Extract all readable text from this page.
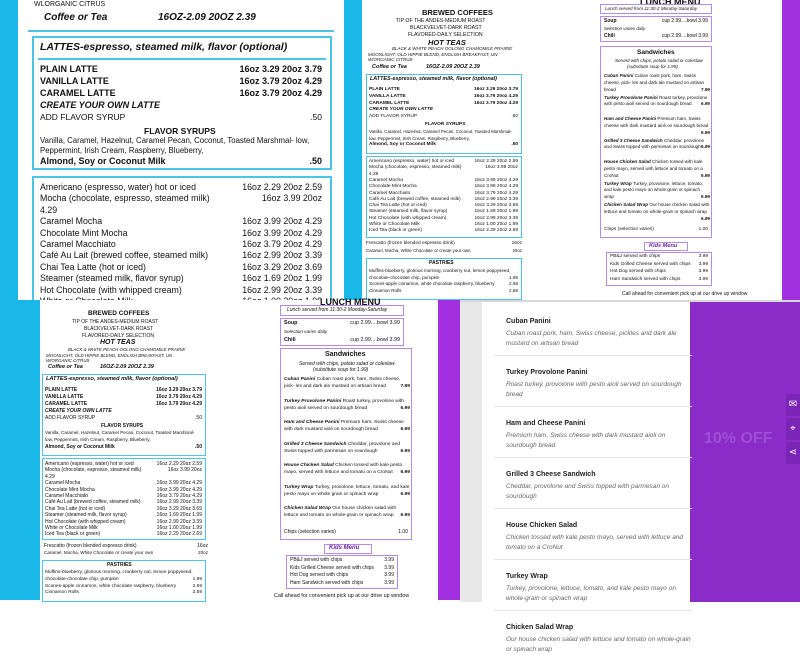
WLORGANIC CITRUS
Coffee or Tea	16OZ-2.09 20OZ 2.39
LATTES-espresso, steamed milk, flavor (optional)
PLAIN LATTE	16oz 3.29 20oz 3.79
VANILLA LATTE	16oz 3.79 20oz 4.29
CARAMEL LATTE	16oz 3.79 20oz 4.29
CREATE YOUR OWN LATTE
ADD FLAVOR SYRUP	.50
FLAVOR SYRUPS
Vanilla, Caramel, Hazelnut, Caramel Pecan, Coconut, Toasted Marshmal- low, Peppermint, Irish Cream, Raspberry, Blueberry,
Almond, Soy or Coconut Milk	.50
Americano (espresso, water) hot or iced	16oz 2.29 20oz 2.59
Mocha (chocolate, espresso, steamed milk)	16oz 3.99 20oz
4.29
Caramel Mocha	16oz 3.99 20oz 4.29
Chocolate Mint Mocha	16oz 3.99 20oz 4.29
Caramel Macchiato	16oz 3.79 20oz 4.29
Café Au Lait (brewed coffee, steamed milk)	16oz 2.99 20oz 3.39
Chai Tea Latte (hot or iced)	16oz 3.29 20oz 3.69
Steamer (steamed milk, flavor syrup)	16oz 1.69 20oz 1.99
Hot Chocolate (with whipped cream)	16oz 2.99 20oz 3.39
BREWED COFFEES
TIP OF THE ANDES-MEDIUM ROAST
BLACKVELVET-DARK ROAST
FLAVORED-DAILY SELECTION
HOT TEAS
BLACK & WHITE PEACH OOLONG CHAMOMILE PRAIRIE
MOONLIGHT, OLD HIPPIE BLEND, ENGLISH BREAKFAST, UN
W/ORGANIC CITRUS
Coffee or Tea	16OZ-2.09 20OZ 2.39
LATTES-espresso, steamed milk, flavor (optional)
PLAIN LATTE	16oz 3.29 20oz 3.79
VANILLA LATTE	16oz 3.79 20oz 4.29
CARAMEL LATTE	16oz 3.79 20oz 4.29
CREATE YOUR OWN LATTE
ADD FLAVOR SYRUP	.50
FLAVOR SYRUPS
Vanilla, Caramel, Hazelnut, Caramel Pecan, Coconut, Toasted Marshmal-
low, Peppermint, Irish Cream, Raspberry, Blueberry,
Almond, Soy or Coconut Milk	.50
Americano (espresso, water) hot or iced	16oz 2.29 20oz 2.59
Mocha (chocolate, espresso, steamed milk)	16oz 3.99 20oz
4.29
Caramel Mocha	16oz 3.99 20oz 4.29
Chocolate Mint Mocha	16oz 3.99 20oz 4.29
Caramel Macchiato	16oz 3.79 20oz 4.29
Café Au Lait (brewed coffee, steamed milk)	16oz 2.99 20oz 3.39
Chai Tea Latte (hot or iced)	16oz 3.29 20oz 3.69
Steamer (steamed milk, flavor syrup)	16oz 1.69 20oz 1.99
Hot Chocolate (with whipped cream)	16oz 2.99 20oz 3.39
White or Chocolate Milk	16oz 1.00 20oz 1.99
Iced Tea (black or green)	16oz 2.29 20oz 2.69
Frescatto (frozen blended espresso drink)	16oz
Caramel, Mocha, White Chocolate or create your own	20oz
PASTRIES
Muffins-blueberry, glorious morning, cranberry nut, lemon poppyseed,
chocolate-chocolate chip, pumpkin	1.99
Scones-apple cinnamon, white chocolate raspberry, blueberry	2.69
Cinnamon Rolls	2.69
LUNCH MENU
Lunch served from 11:30-2 Monday-Saturday
Soup	cup 2.99....bowl 3.99
Selection varies daily
Chili	cup 2.99....bowl 3.99
Sandwiches
Served with chips, potato salad or coleslaw
(substitute soup for 1.99)
Cuban Panini Cuban roast pork, ham, Swiss cheese, pick- les and dark ale mustard on artisan bread	7.99
Turkey Provolone Panini Roast turkey, provolone with pesto aioli served on sourdough bread 6.99
Ham and Cheese Panini Premium ham, Swiss cheese with dark mustard aioli on sourdough bread
6.99
Grilled 3 Cheese Sandwich Cheddar, provolone and Swiss topped with parmesan on sourdough 6.99
House Chicken Salad Chicken tossed with kale pesto mayo, served with lettuce and tomato on a CroNut	6.99
Turkey Wrap Turkey, provolone, lettuce, tomato, and kale pesto mayo on whole grain or spinach wrap	6.99
Chicken Salad Wrap Our house chicken salad with lettuce and tomato on whole-grain or spinach wrap
6.99
Chips (selection varies)	1.00
Kids Menu
PB&J served with chips	3.99
Kids Grilled Cheese served with chips 3.99
Hot Dog served with chips	3.99
Ham Sandwich served with chips	3.99
Call ahead for convenient pick up at our drive up window
BREWED COFFEES
TIP OF THE ANDES-MEDIUM ROAST
BLACKVELVET-DARK ROAST
FLAVORED-DAILY SELECTION
HOT TEAS
BLACK & WHITE PEACH OOLONG CHAMOMILE PRAIRIE
MOONLIGHT, OLD HIPPIE BLEND, ENGLISH BREAKFAST, UN
W/ORGANIC CITRUS
Coffee or Tea	16OZ-2.09 20OZ 2.39
LATTES-espresso, steamed milk, flavor (optional)
PLAIN LATTE	16oz 3.29 20oz 3.79
VANILLA LATTE	16oz 3.79 20oz 4.29
CARAMEL LATTE	16oz 3.79 20oz 4.29
CREATE YOUR OWN LATTE
ADD FLAVOR SYRUP	.50
FLAVOR SYRUPS
Vanilla, Caramel, Hazelnut, Caramel Pecan, Coconut, Toasted Marshmal-
low, Peppermint, Irish Cream, Raspberry, Blueberry,
Almond, Soy or Coconut Milk	.50
Americano (espresso, water) hot or iced	16oz 2.29 20oz 2.59
Mocha (chocolate, espresso, steamed milk)	16oz 3.99 20oz
4.29
Caramel Mocha	16oz 3.99 20oz 4.29
Chocolate Mint Mocha	16oz 3.99 20oz 4.29
Caramel Macchiato	16oz 3.79 20oz 4.29
Café Au Lait (brewed coffee, steamed milk)	16oz 2.99 20oz 3.39
Chai Tea Latte (hot or iced)	16oz 3.29 20oz 3.69
Steamer (steamed milk, flavor syrup)	16oz 1.69 20oz 1.99
Hot Chocolate (with whipped cream)	16oz 2.99 20oz 3.39
White or Chocolate Milk	16oz 1.00 20oz 1.99
Iced Tea (black or green)	16oz 2.29 20oz 2.69
Frescatto (frozen blended espresso drink)	16oz
Caramel, Mocha, White Chocolate or create your own	20oz
PASTRIES
Muffins-blueberry, glorious morning, cranberry nut, lemon poppyseed,
chocolate-chocolate chip, pumpkin	1.99
Scones-apple cinnamon, white chocolate raspberry, blueberry	2.69
Cinnamon Rolls	2.69
LUNCH MENU
Lunch served from 11:30-2 Monday-Saturday
Soup	cup 2.99....bowl 3.99
Selection varies daily
Chili	cup 2.99....bowl 3.99
Sandwiches
Served with chips, potato salad or coleslaw
(substitute soup for 1.99)
Cuban Panini Cuban roast pork, ham, Swiss cheese, pick- les and dark ale mustard on artisan bread	7.99
Turkey Provolone Panini Roast turkey, provolone with pesto aioli served on sourdough bread	6.99
Ham and Cheese Panini Premium ham, Swiss cheese with dark mustard aioli on sourdough bread	6.99
Grilled 3 Cheese Sandwich Cheddar, provolone and Swiss topped with parmesan on sourdough	6.99
House Chicken Salad Chicken tossed with kale pesto mayo, served with lettuce and tomato on a CroNut 6.99
Turkey Wrap Turkey, provolone, lettuce, tomato, and kale pesto mayo on whole grain or spinach wrap	6.99
Chicken Salad Wrap Our house chicken salad with lettuce and tomato on whole-grain or spinach wrap 6.99
Chips (selection varies)	1.00
Kids Menu
PB&J served with chips	3.99
Kids Grilled Cheese served with chips 3.99
Hot Dog served with chips	3.99
Ham Sandwich served with chips	3.99
Call ahead for convenient pick up at our drive up window
10% OFF
Cuban Panini
Cuban roast pork, ham, Swiss cheese, pickles and dark ale mustard on artisan bread
Turkey Provolone Panini
Roast turkey, provolone with pesto aioli served on sourdough bread
Ham and Cheese Panini
Premium ham, Swiss cheese with dark mustard aioli on sourdough bread
Grilled 3 Cheese Sandwich
Cheddar, provolone and Swiss topped with parmesan on sourdough
House Chicken Salad
Chicken tossed with kale pesto mayo, served with lettuce and tomato on a CroNut
Turkey Wrap
Turkey, provolone, lettuce, tomato, and kale pesto mayo on whole-grain or spinach wrap
Chicken Salad Wrap
Our house chicken salad with lettuce and tomato on whole-grain or spinach wrap
✉
⌖
⋖
